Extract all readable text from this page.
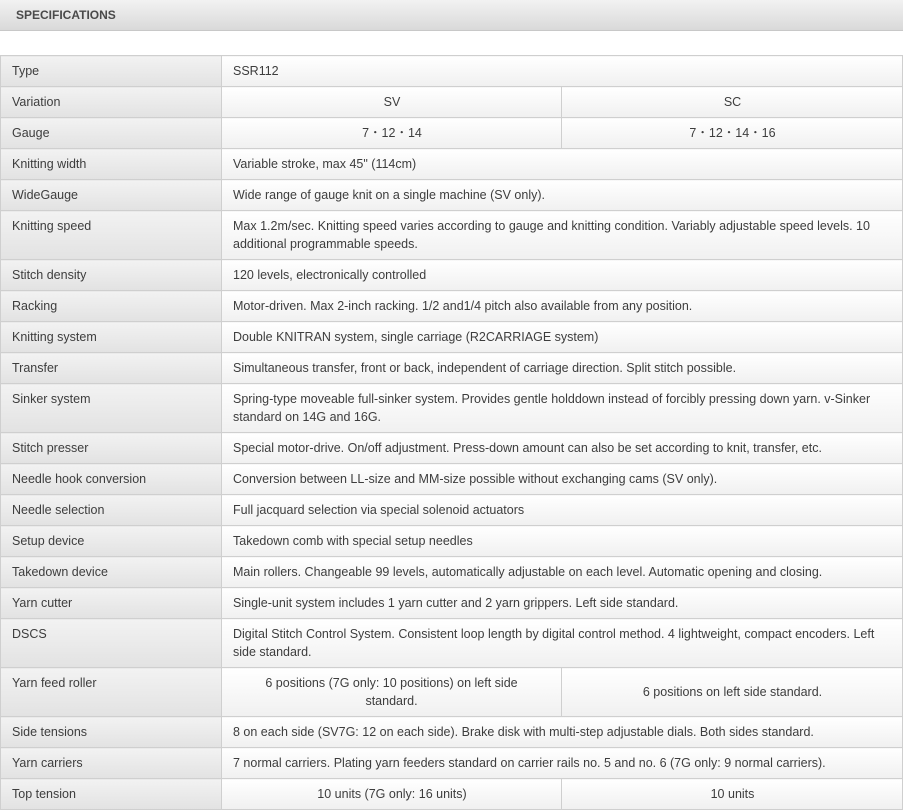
SPECIFICATIONS
Type	SSR112	
Variation	SV	SC
Gauge	7・12・14	7・12・14・16
Knitting width	Variable stroke, max 45" (114cm)	
WideGauge	Wide range of gauge knit on a single machine (SV only).	
Knitting speed	Max 1.2m/sec. Knitting speed varies according to gauge and knitting condition. Variably adjustable speed levels. 10 additional programmable speeds.	
Stitch density	120 levels, electronically controlled	
Racking	Motor-driven. Max 2-inch racking. 1/2 and1/4 pitch also available from any position.	
Knitting system	Double KNITRAN system, single carriage (R2CARRIAGE system)	
Transfer	Simultaneous transfer, front or back, independent of carriage direction. Split stitch possible.	
Sinker system	Spring-type moveable full-sinker system. Provides gentle holddown instead of forcibly pressing down yarn. v-Sinker standard on 14G and 16G.	
Stitch presser	Special motor-drive. On/off adjustment. Press-down amount can also be set according to knit, transfer, etc.	
Needle hook conversion	Conversion between LL-size and MM-size possible without exchanging cams (SV only).	
Needle selection	Full jacquard selection via special solenoid actuators	
Setup device	Takedown comb with special setup needles	
Takedown device	Main rollers. Changeable 99 levels, automatically adjustable on each level. Automatic opening and closing.	
Yarn cutter	Single-unit system includes 1 yarn cutter and 2 yarn grippers. Left side standard.	
DSCS	Digital Stitch Control System. Consistent loop length by digital control method. 4 lightweight, compact encoders. Left side standard.	
Yarn feed roller	6 positions (7G only: 10 positions) on left side standard.	6 positions on left side standard.
Side tensions	8 on each side (SV7G: 12 on each side). Brake disk with multi-step adjustable dials. Both sides standard.	
Yarn carriers	7 normal carriers. Plating yarn feeders standard on carrier rails no. 5 and no. 6 (7G only: 9 normal carriers).	
Top tension	10 units (7G only: 16 units)	10 units
